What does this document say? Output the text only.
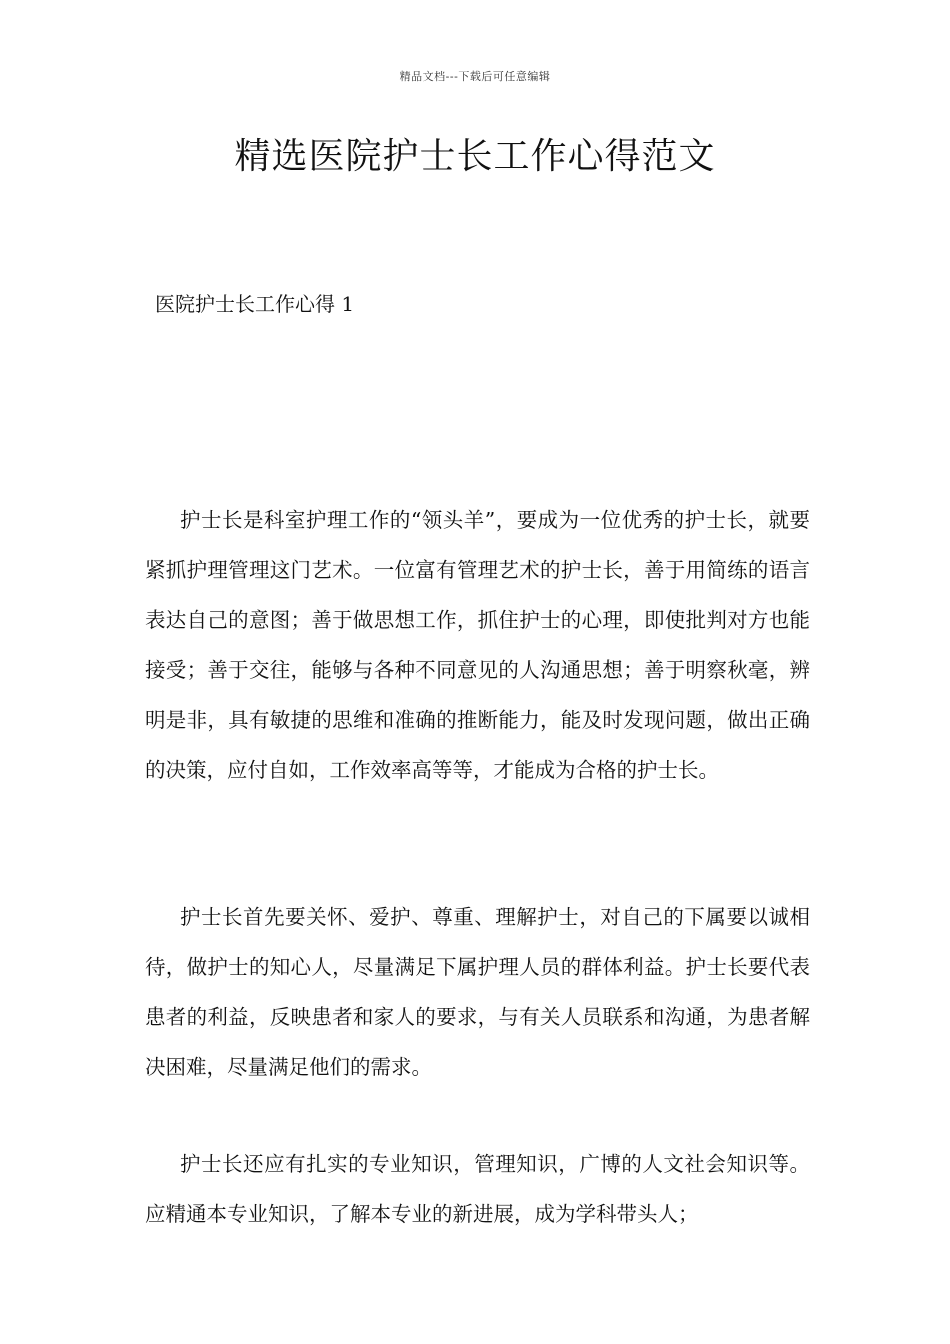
精品文档---下载后可任意编辑
精选医院护士长工作心得范文
医院护士长工作心得 1

护士长是科室护理工作的“领头羊”，要成为一位优秀的护士长，就要紧抓护理管理这门艺术。一位富有管理艺术的护士长，善于用简练的语言表达自己的意图；善于做思想工作，抓住护士的心理，即使批判对方也能接受；善于交往，能够与各种不同意见的人沟通思想；善于明察秋毫，辨明是非，具有敏捷的思维和准确的推断能力，能及时发现问题，做出正确的决策，应付自如，工作效率高等等，才能成为合格的护士长。

护士长首先要关怀、爱护、尊重、理解护士，对自己的下属要以诚相待，做护士的知心人，尽量满足下属护理人员的群体利益。护士长要代表患者的利益，反映患者和家人的要求，与有关人员联系和沟通，为患者解决困难，尽量满足他们的需求。

护士长还应有扎实的专业知识，管理知识，广博的人文社会知识等。应精通本专业知识，了解本专业的新进展，成为学科带头人；
